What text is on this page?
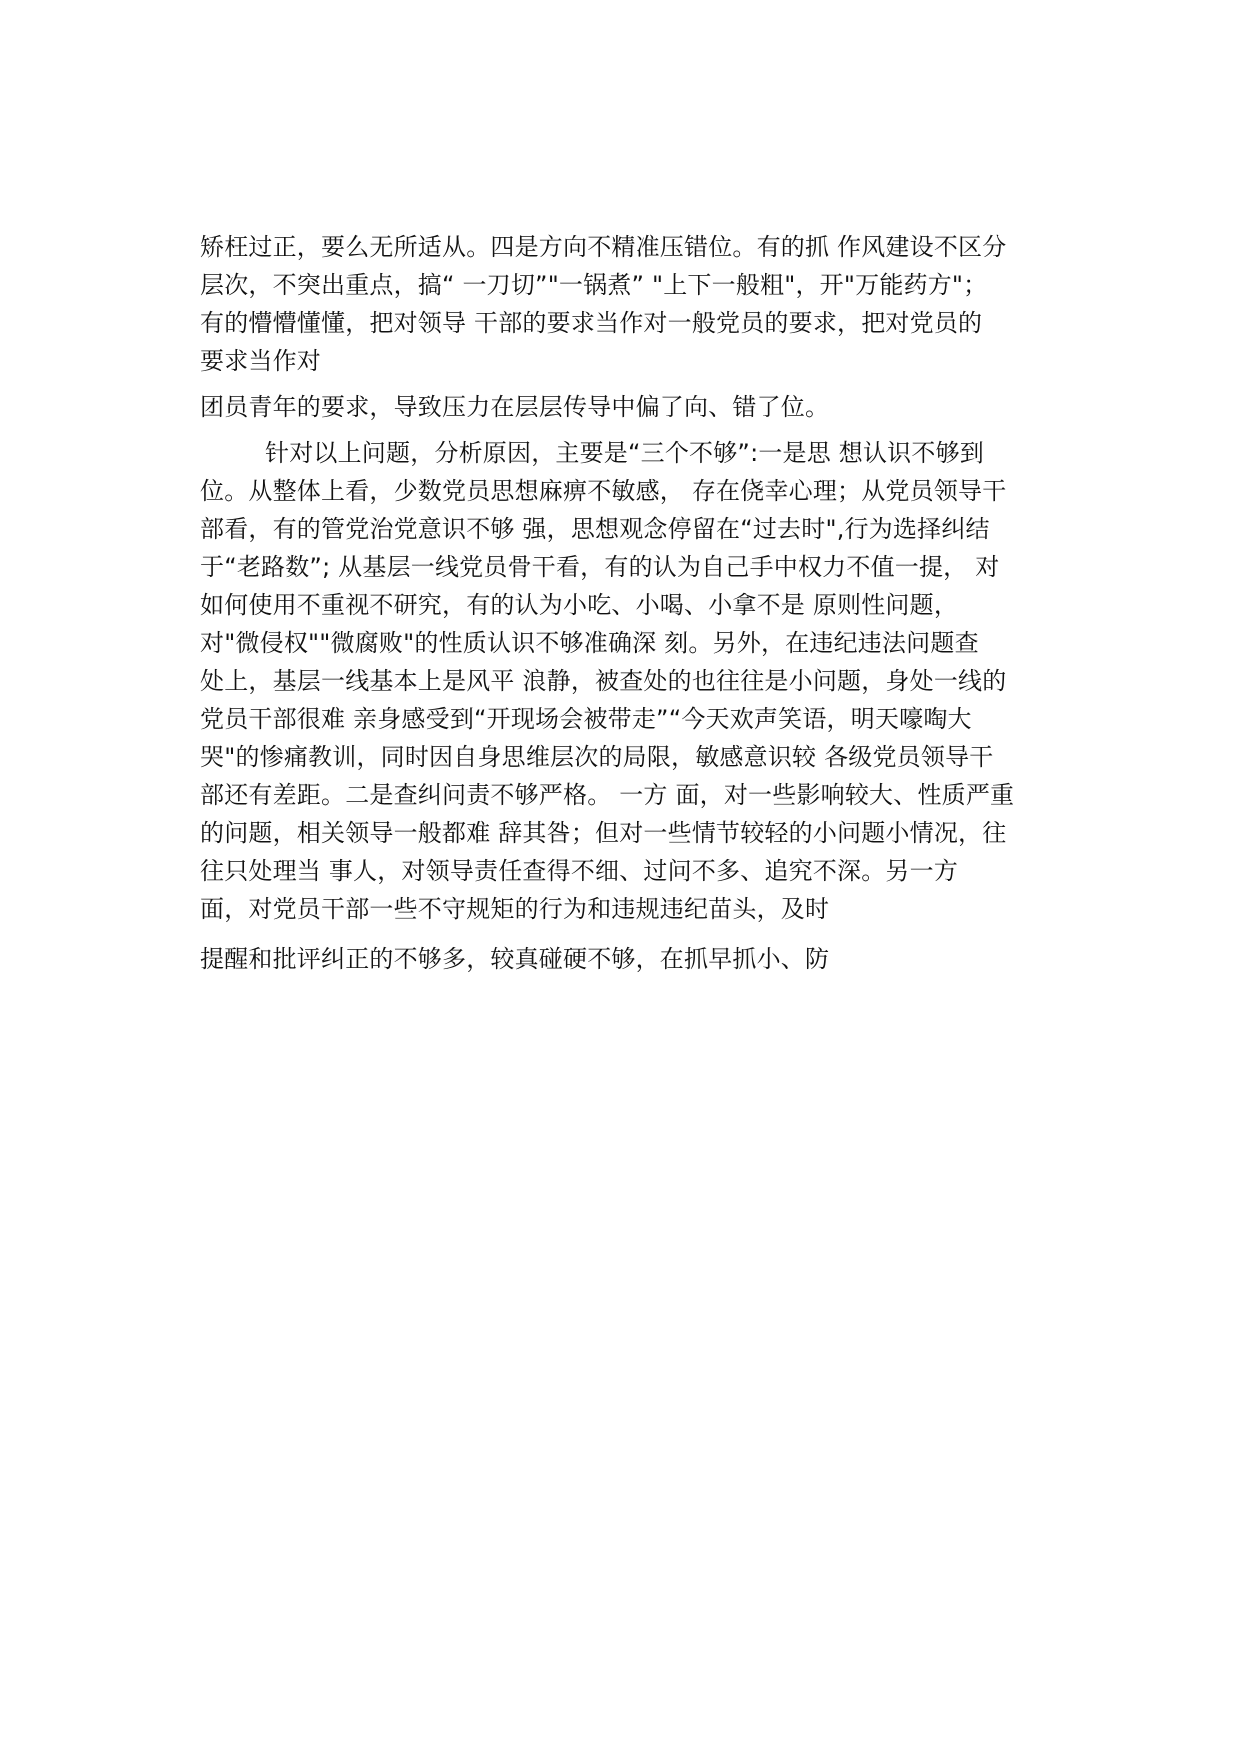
矫枉过正，要么无所适从。四是方向不精准压错位。有的抓 作风建设不区分
层次，不突出重点，搞“ 一刀切”"一锅煮” "上下一般粗"，开"万能药方"；
有的懵懵懂懂，把对领导 干部的要求当作对一般党员的要求，把对党员的
要求当作对
团员青年的要求，导致压力在层层传导中偏了向、错了位。
针对以上问题，分析原因，主要是“三个不够”:一是思 想认识不够到
位。从整体上看，少数党员思想麻痹不敏感， 存在侥幸心理；从党员领导干
部看，有的管党治党意识不够 强，思想观念停留在“过去时",行为选择纠结
于“老路数”; 从基层一线党员骨干看，有的认为自己手中权力不值一提， 对
如何使用不重视不研究，有的认为小吃、小喝、小拿不是 原则性问题，
对"微侵权""微腐败"的性质认识不够准确深 刻。另外，在违纪违法问题查
处上，基层一线基本上是风平 浪静，被查处的也往往是小问题，身处一线的
党员干部很难 亲身感受到“开现场会被带走”“今天欢声笑语，明天嚎啕大
哭"的惨痛教训，同时因自身思维层次的局限，敏感意识较 各级党员领导干
部还有差距。二是查纠问责不够严格。 一方 面，对一些影响较大、性质严重
的问题，相关领导一般都难 辞其咎；但对一些情节较轻的小问题小情况，往
往只处理当 事人，对领导责任查得不细、过问不多、追究不深。另一方
面，对党员干部一些不守规矩的行为和违规违纪苗头，及时
提醒和批评纠正的不够多，较真碰硬不够，在抓早抓小、防
